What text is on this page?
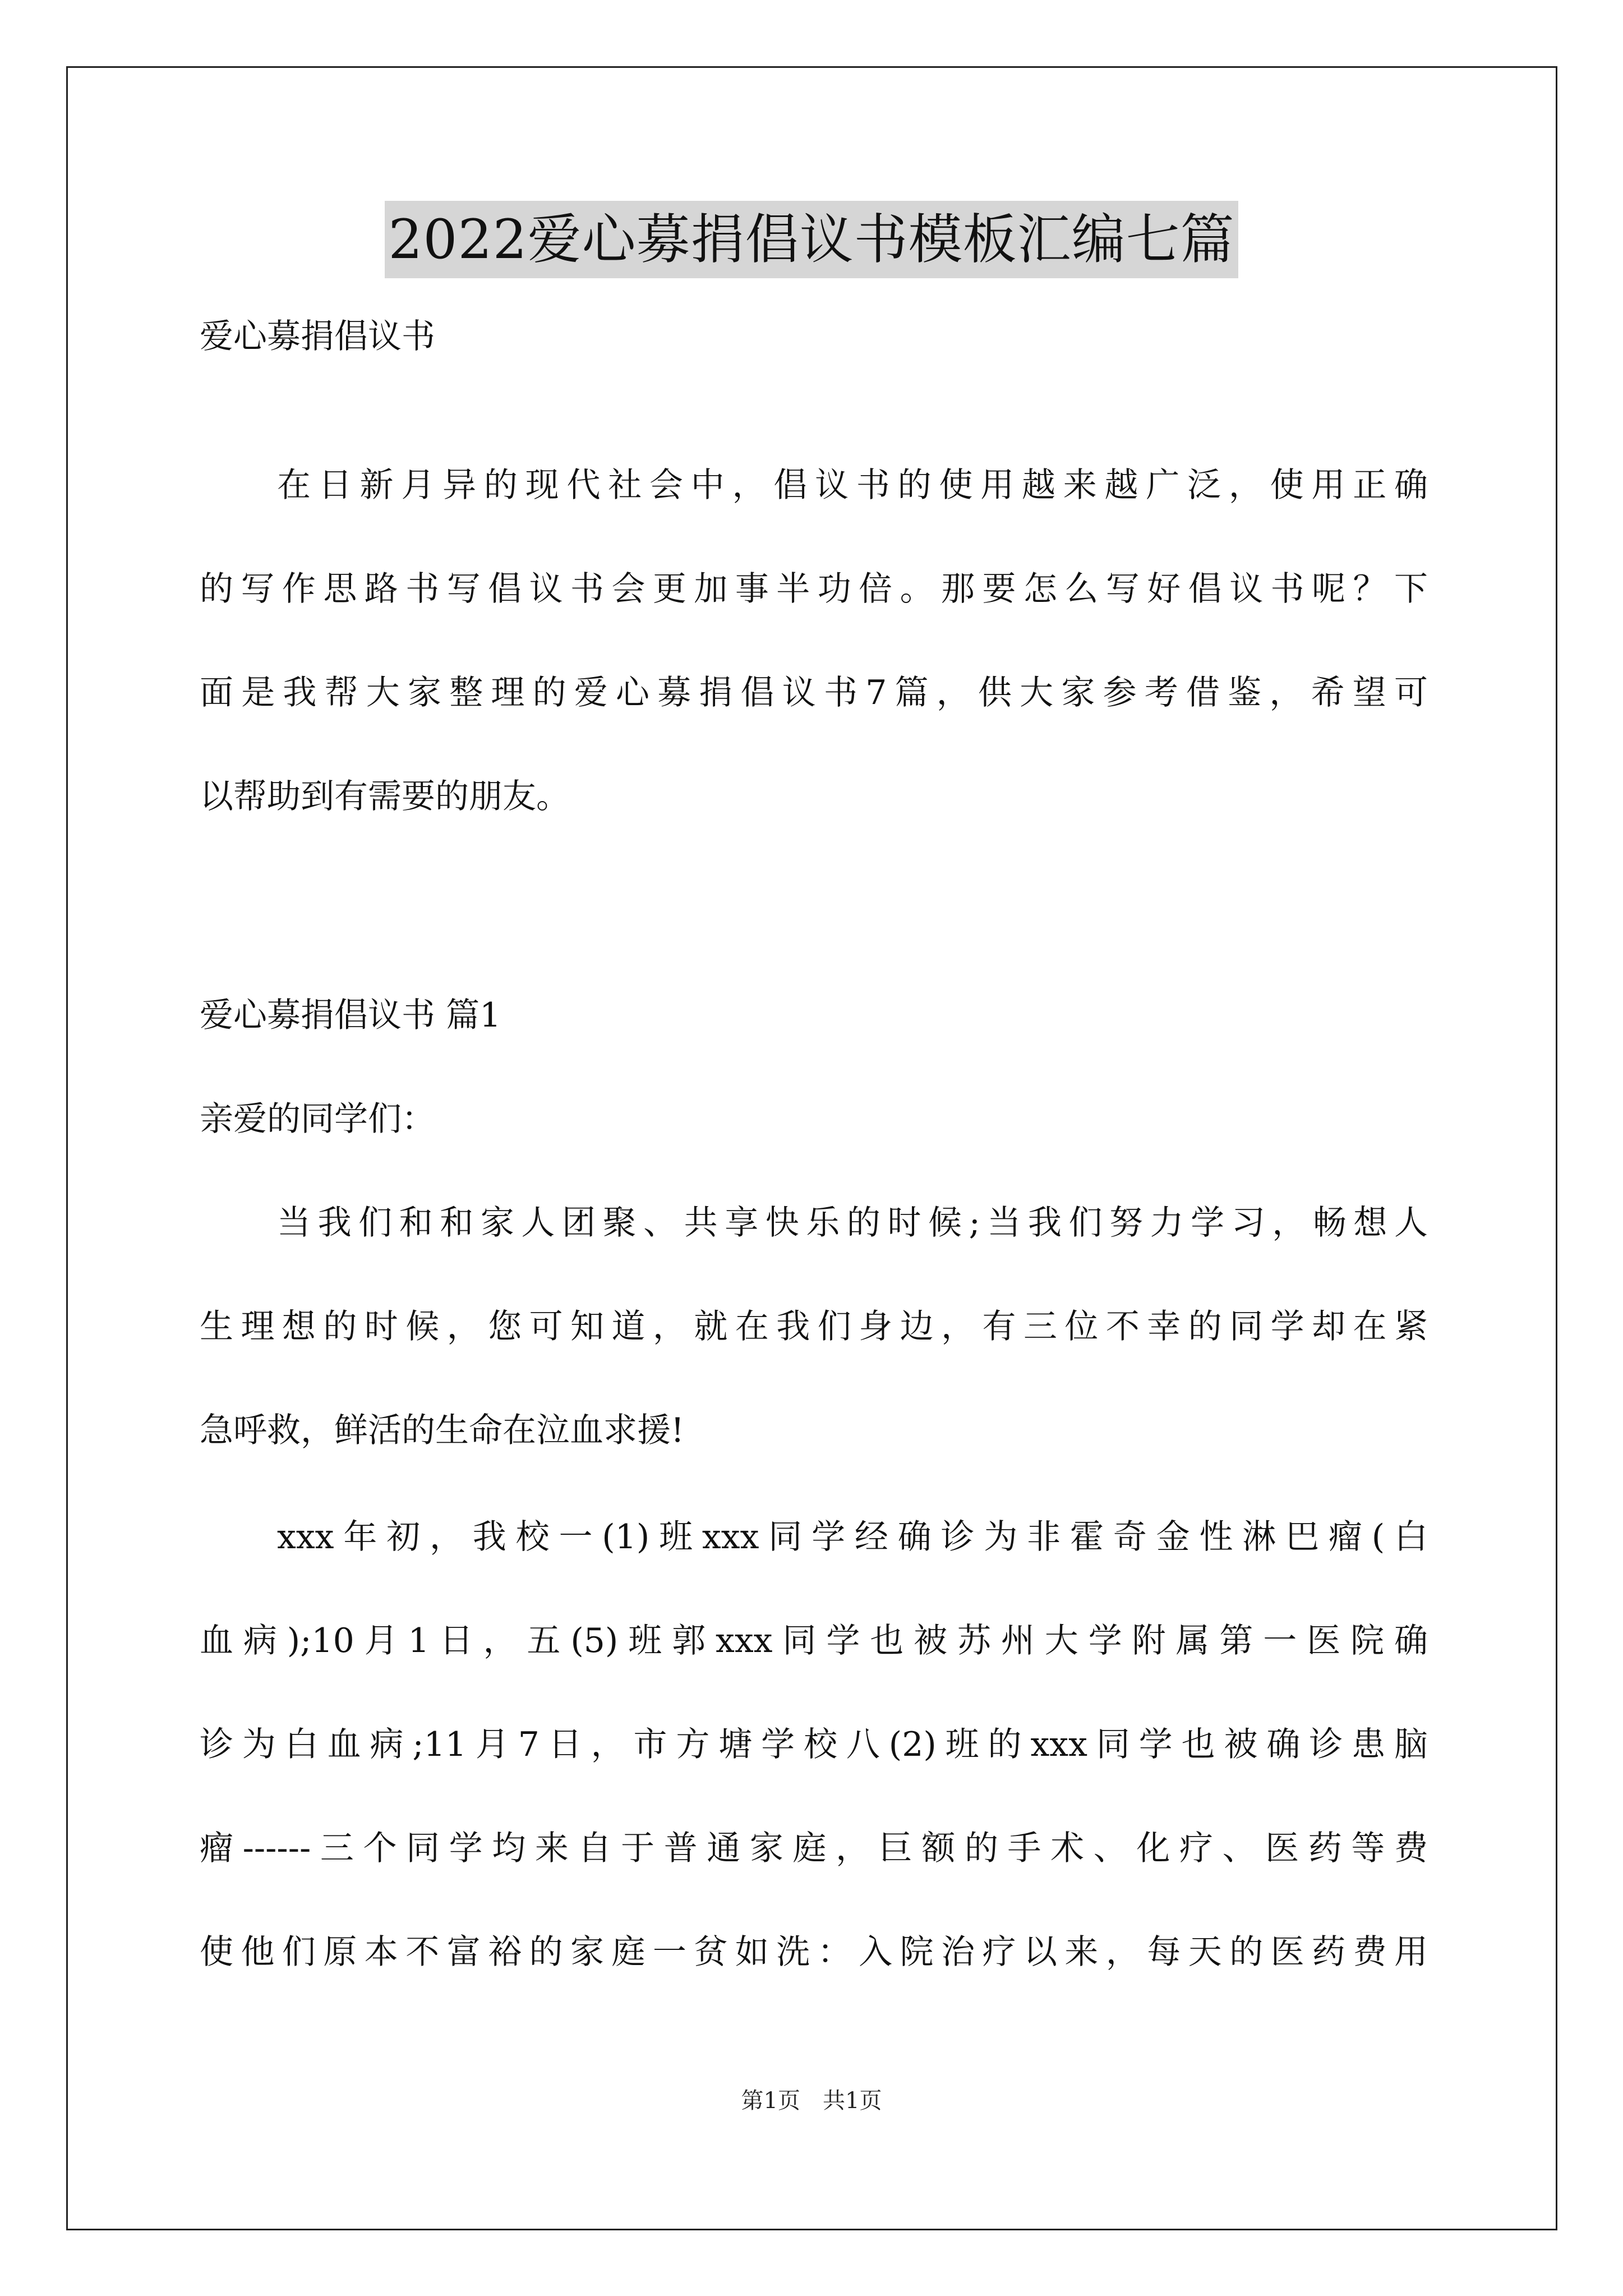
2022爱心募捐倡议书模板汇编七篇
爱心募捐倡议书
在日新月异的现代社会中，倡议书的使用越来越广泛，使用正确
的写作思路书写倡议书会更加事半功倍。那要怎么写好倡议书呢？下
面是我帮大家整理的爱心募捐倡议书7篇，供大家参考借鉴，希望可
以帮助到有需要的朋友。
爱心募捐倡议书 篇1
亲爱的同学们：
当我们和和家人团聚、共享快乐的时候;当我们努力学习，畅想人
生理想的时候，您可知道，就在我们身边，有三位不幸的同学却在紧
急呼救，鲜活的生命在泣血求援!
xxx年初，我校一(1)班xxx同学经确诊为非霍奇金性淋巴瘤(白
血病);10月1日，五(5)班郭xxx同学也被苏州大学附属第一医院确
诊为白血病;11月7日，市方塘学校八(2)班的xxx同学也被确诊患脑
瘤------三个同学均来自于普通家庭，巨额的手术、化疗、医药等费
使他们原本不富裕的家庭一贫如洗：入院治疗以来，每天的医药费用
第1页　共1页
